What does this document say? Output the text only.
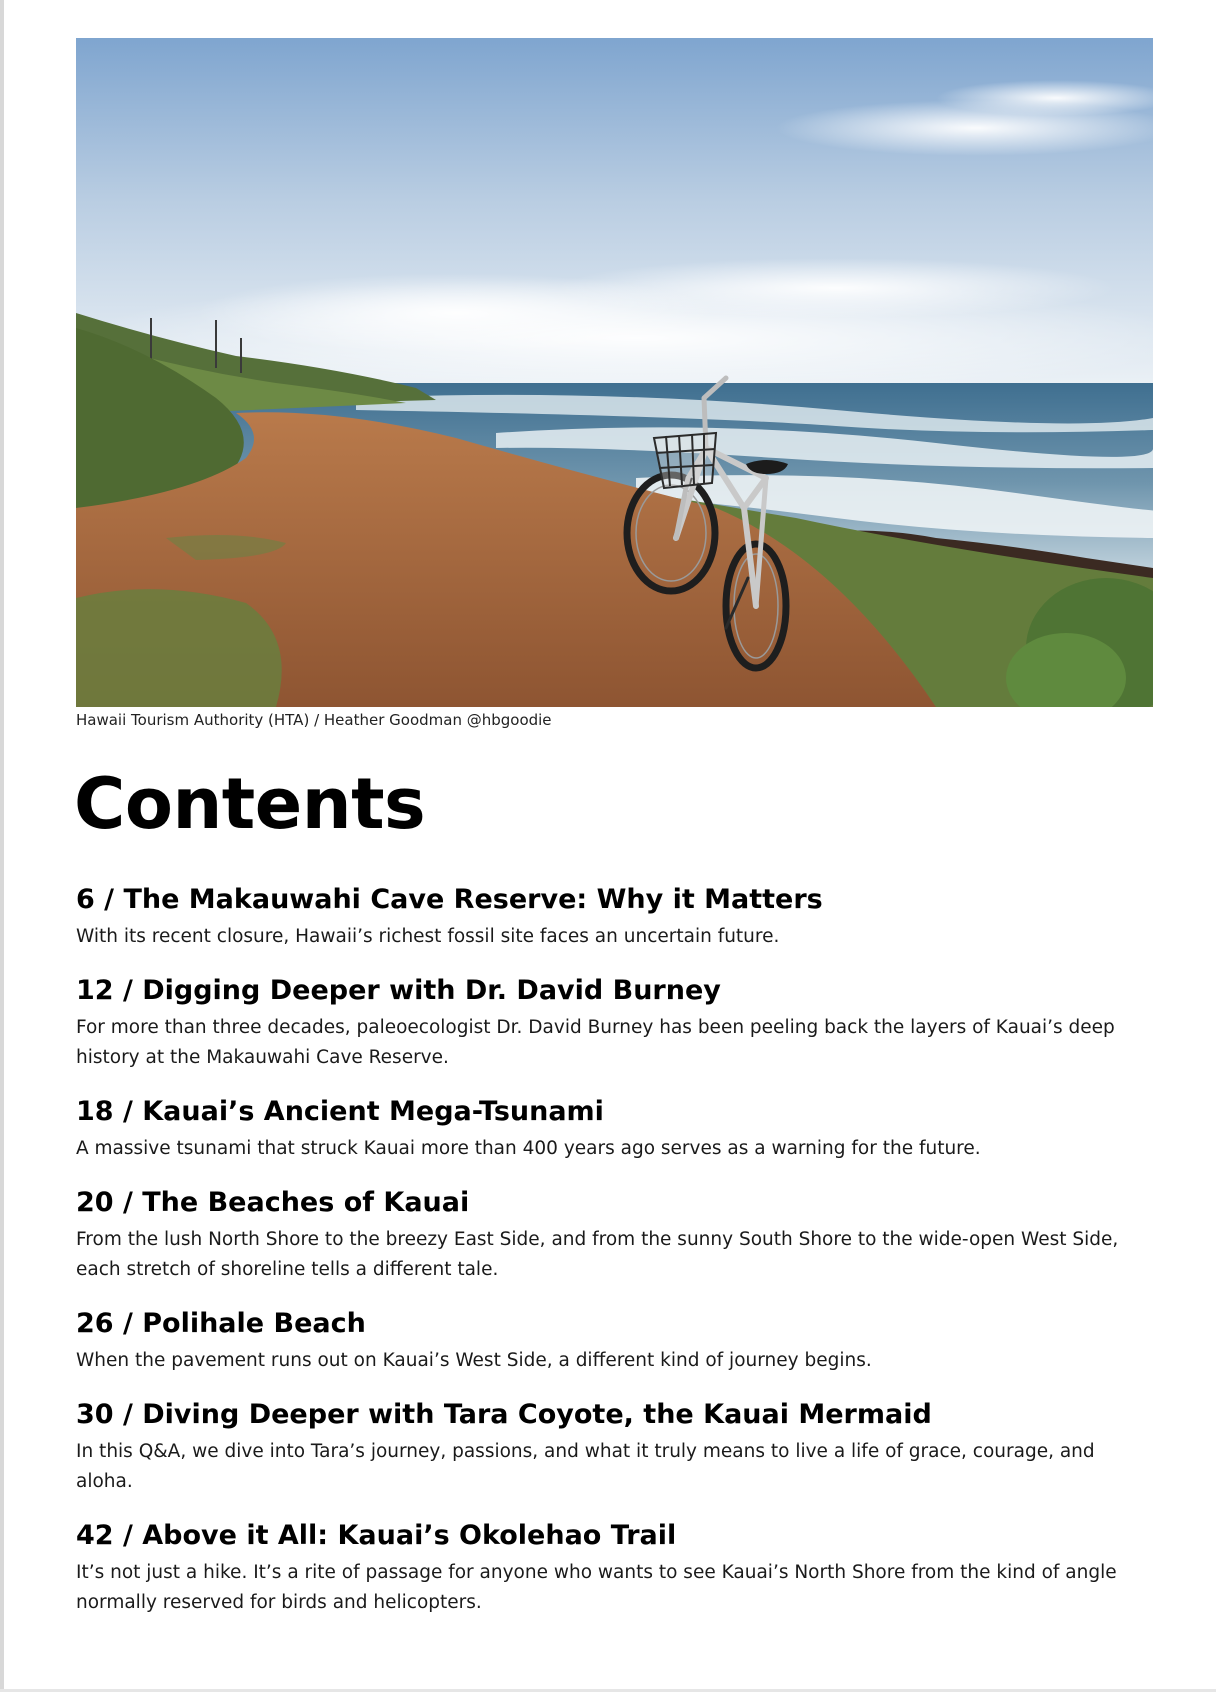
Hawaii Tourism Authority (HTA) / Heather Goodman @hbgoodie
Contents
6 / The Makauwahi Cave Reserve: Why it Matters
With its recent closure, Hawaii’s richest fossil site faces an uncertain future.
12 / Digging Deeper with Dr. David Burney
For more than three decades, paleoecologist Dr. David Burney has been peeling back the layers of Kauai’s deep history at the Makauwahi Cave Reserve.
18 / Kauai’s Ancient Mega-Tsunami
A massive tsunami that struck Kauai more than 400 years ago serves as a warning for the future.
20 / The Beaches of Kauai
From the lush North Shore to the breezy East Side, and from the sunny South Shore to the wide-open West Side, each stretch of shoreline tells a different tale.
26 / Polihale Beach
When the pavement runs out on Kauai’s West Side, a different kind of journey begins.
30 / Diving Deeper with Tara Coyote, the Kauai Mermaid
In this Q&A, we dive into Tara’s journey, passions, and what it truly means to live a life of grace, courage, and aloha.
42 / Above it All: Kauai’s Okolehao Trail
It’s not just a hike. It’s a rite of passage for anyone who wants to see Kauai’s North Shore from the kind of angle normally reserved for birds and helicopters.
